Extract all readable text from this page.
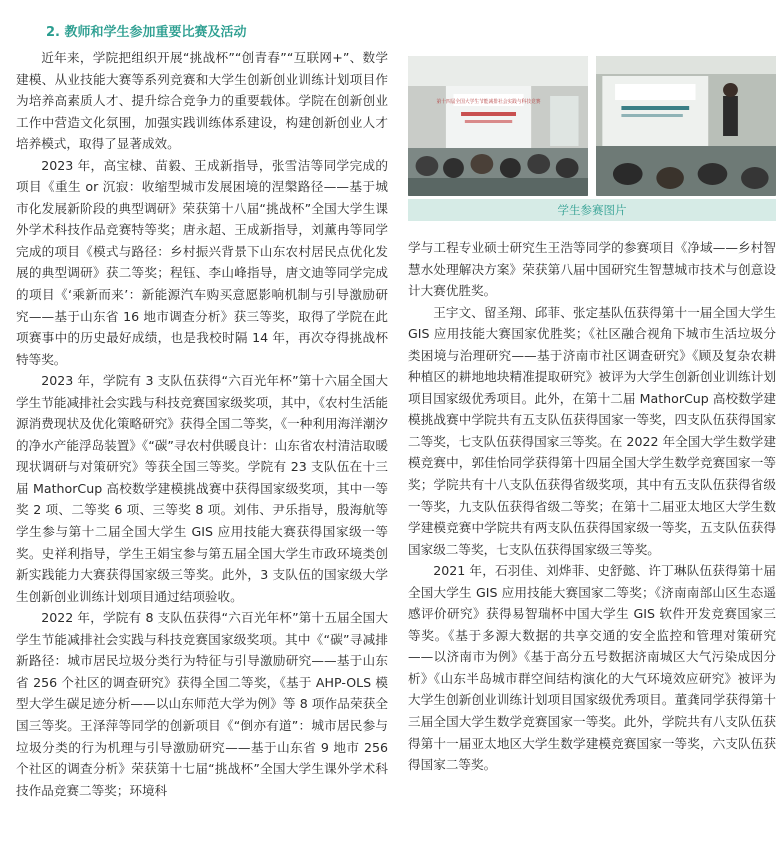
2. 教师和学生参加重要比赛及活动

近年来，学院把组织开展“挑战杯”“创青春”“互联网+”、数学建模、从业技能大赛等系列竞赛和大学生创新创业训练计划项目作为培养高素质人才、提升综合竞争力的重要载体。学院在创新创业工作中营造文化氛围，加强实践训练体系建设，构建创新创业人才培养模式，取得了显著成效。

2023 年，高宝棣、苗毅、王成新指导，张雪洁等同学完成的项目《重生 or 沉寂：收缩型城市发展困境的涅槃路径——基于城市化发展新阶段的典型调研》荣获第十八届“挑战杯”全国大学生课外学术科技作品竞赛特等奖；唐永超、王成新指导，刘薰冉等同学完成的项目《模式与路径：乡村振兴背景下山东农村居民点优化发展的典型调研》获二等奖；程钰、李山峰指导，唐文迪等同学完成的项目《‘乘新而来’：新能源汽车购买意愿影响机制与引导激励研究——基于山东省 16 地市调查分析》获三等奖，取得了学院在此项赛事中的历史最好成绩，也是我校时隔 14 年，再次夺得挑战杯特等奖。

2023 年，学院有 3 支队伍获得“六百光年杯”第十六届全国大学生节能减排社会实践与科技竞赛国家级奖项，其中，《农村生活能源消费现状及优化策略研究》获得全国二等奖，《一种利用海洋潮汐的净水产能浮岛装置》《“碳”寻农村供暖良计：山东省农村清洁取暖现状调研与对策研究》等获全国三等奖。学院有 23 支队伍在十三届 MathorCup 高校数学建模挑战赛中获得国家级奖项，其中一等奖 2 项、二等奖 6 项、三等奖 8 项。刘伟、尹乐指导，殷海航等学生参与第十二届全国大学生 GIS 应用技能大赛获得国家级一等奖。史祥利指导，学生王娟宝参与第五届全国大学生市政环境类创新实践能力大赛获得国家级三等奖。此外，3 支队伍的国家级大学生创新创业训练计划项目通过结项验收。

2022 年，学院有 8 支队伍获得“六百光年杯”第十五届全国大学生节能减排社会实践与科技竞赛国家级奖项。其中《“碳”寻减排新路径：城市居民垃圾分类行为特征与引导激励研究——基于山东省 256 个社区的调查研究》获得全国二等奖，《基于 AHP-OLS 模型大学生碳足迹分析——以山东师范大学为例》等 8 项作品荣获全国三等奖。王泽萍等同学的创新项目《“倒亦有道”：城市居民参与垃圾分类的行为机理与引导激励研究——基于山东省 9 地市 256 个社区的调查分析》荣获第十七届“挑战杯”全国大学生课外学术科技作品竞赛二等奖；环境科

第十四届全国大学生节能减排社会实践与科技竞赛
学生参赛图片

学与工程专业硕士研究生王浩等同学的参赛项目《净域——乡村智慧水处理解决方案》荣获第八届中国研究生智慧城市技术与创意设计大赛优胜奖。

王宇文、留圣翔、邱菲、张定基队伍获得第十一届全国大学生 GIS 应用技能大赛国家优胜奖；《社区融合视角下城市生活垃圾分类困境与治理研究——基于济南市社区调查研究》《顾及复杂农耕种植区的耕地地块精准提取研究》被评为大学生创新创业训练计划项目国家级优秀项目。此外，在第十二届 MathorCup 高校数学建模挑战赛中学院共有五支队伍获得国家一等奖，四支队伍获得国家二等奖，七支队伍获得国家三等奖。在 2022 年全国大学生数学建模竞赛中，郭佳怡同学获得第十四届全国大学生数学竞赛国家一等奖；学院共有十八支队伍获得省级奖项，其中有五支队伍获得省级一等奖，九支队伍获得省级二等奖；在第十二届亚太地区大学生数学建模竞赛中学院共有两支队伍获得国家级一等奖，五支队伍获得国家级二等奖，七支队伍获得国家级三等奖。

2021 年，石羽佳、刘烨菲、史舒懿、许丁琳队伍获得第十届全国大学生 GIS 应用技能大赛国家二等奖；《济南南部山区生态遥感评价研究》获得易智瑞杯中国大学生 GIS 软件开发竞赛国家三等奖。《基于多源大数据的共享交通的安全监控和管理对策研究——以济南市为例》《基于高分五号数据济南城区大气污染成因分析》《山东半岛城市群空间结构演化的大气环境效应研究》被评为大学生创新创业训练计划项目国家级优秀项目。董龚同学获得第十三届全国大学生数学竞赛国家一等奖。此外，学院共有八支队伍获得第十一届亚太地区大学生数学建模竞赛国家一等奖，六支队伍获得国家二等奖。
